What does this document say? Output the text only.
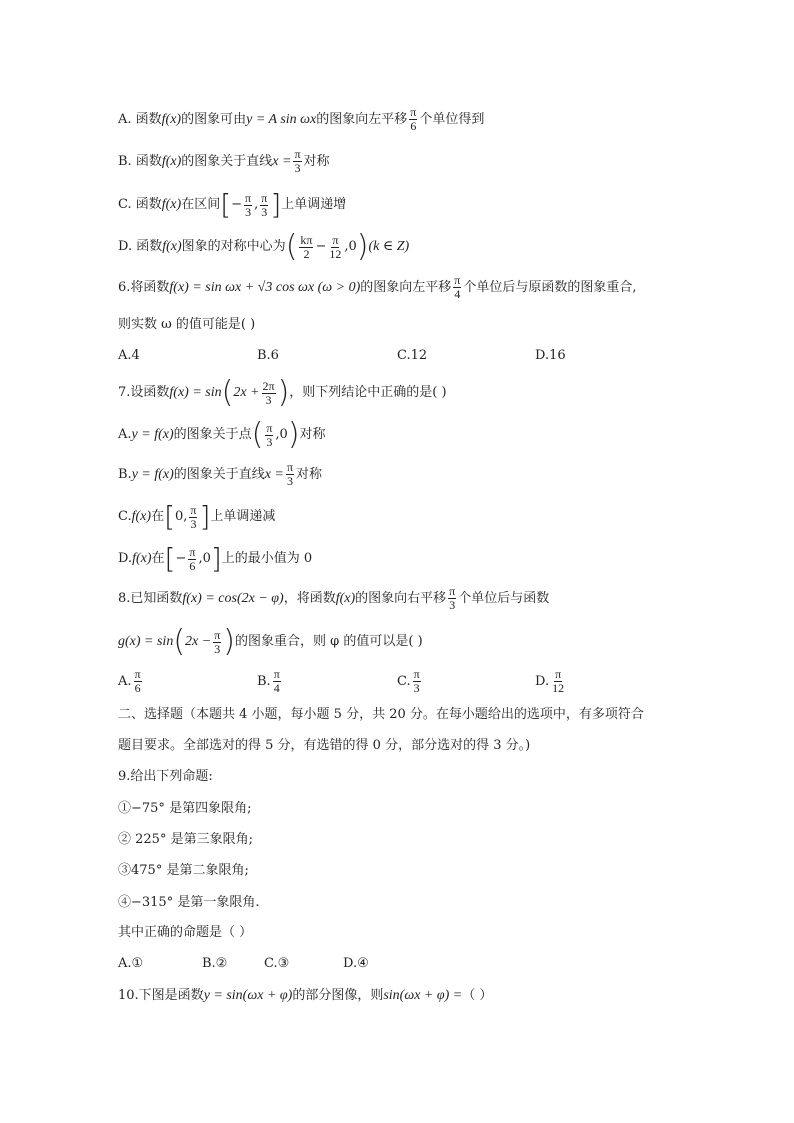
A. 函数 f(x) 的图象可由 y = A sin ωx 的图象向左平移 $\frac{\pi}{6}$ 个单位得到
B. 函数 f(x) 的图象关于直线 $x = \frac{\pi}{3}$ 对称
C. 函数 f(x) 在区间 [ − $\frac{\pi}{3}$ , $\frac{\pi}{3}$ ] 上单调递增
D. 函数 f(x) 图象的对称中心为 ( $\frac{k\pi}{2} - \frac{\pi}{12} ,0$ ) (k ∈ Z)
6.将函数 f(x) = sin ωx + √3 cos ωx (ω > 0) 的图象向左平移 $\frac{\pi}{4}$ 个单位后与原函数的图象重合,
则实数 ω 的值可能是( )
A.4	B.6	C.12	D.16
7.设函数 f(x) = sin ( $2x + \frac{2\pi}{3}$ ) ，则下列结论中正确的是( )
A. y = f(x) 的图象关于点 ( $\frac{\pi}{3} ,0$ ) 对称
B. y = f(x) 的图象关于直线 $x = \frac{\pi}{3}$ 对称
C. f(x) 在 [ 0, $\frac{\pi}{3}$ ] 上单调递减
D. f(x) 在 [ − $\frac{\pi}{6} ,0$ ] 上的最小值为 0
8.已知函数 f(x) = cos(2x − φ) ，将函数 f(x) 的图象向右平移 $\frac{\pi}{3}$ 个单位后与函数
g(x) = sin ( $2x - \frac{\pi}{3}$ ) 的图象重合，则 φ 的值可以是( )
A. $\frac{\pi}{6}$	B. $\frac{\pi}{4}$	C. $\frac{\pi}{3}$	D. $\frac{\pi}{12}$
二、选择题（本题共 4 小题，每小题 5 分，共 20 分。在每小题给出的选项中，有多项符合
题目要求。全部选对的得 5 分，有选错的得 0 分，部分选对的得 3 分。)
9.给出下列命题:
①−75° 是第四象限角;
② 225° 是第三象限角;
③475° 是第二象限角;
④−315° 是第一象限角.
其中正确的命题是（ ）
A.①	B.②	C.③	D.④
10.下图是函数 y = sin(ωx + φ) 的部分图像，则 sin(ωx + φ) = （ ）
